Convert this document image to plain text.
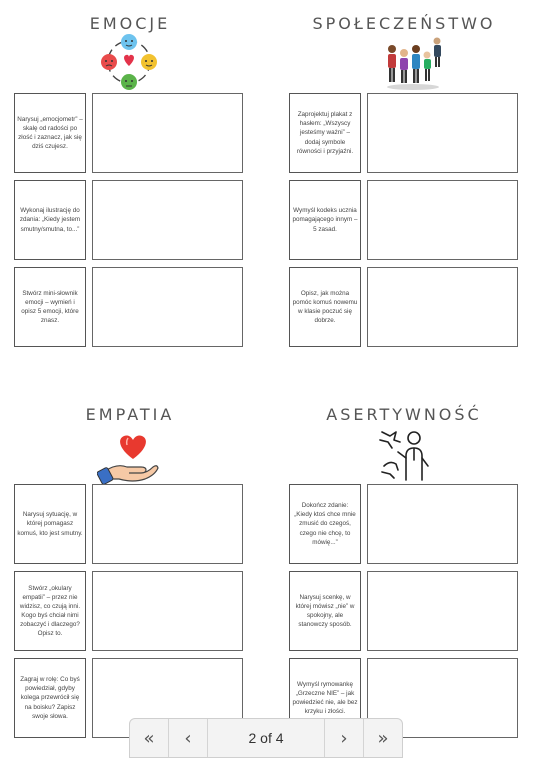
EMOCJE
Narysuj „emocjometr” – skalę od radości po złość i zaznacz, jak się dziś czujesz.
Wykonaj ilustrację do zdania: „Kiedy jestem smutny/smutna, to...”
Stwórz mini-słownik emocji – wymień i opisz 5 emocji, które znasz.
SPOŁECZEŃSTWO
Zaprojektuj plakat z hasłem: „Wszyscy jesteśmy ważni” – dodaj symbole równości i przyjaźni.
Wymyśl kodeks ucznia pomagającego innym – 5 zasad.
Opisz, jak można pomóc komuś nowemu w klasie poczuć się dobrze.
EMPATIA
Narysuj sytuację, w której pomagasz komuś, kto jest smutny.
Stwórz „okulary empatii” – przez nie widzisz, co czują inni. Kogo byś chciał nimi zobaczyć i dlaczego? Opisz to.
Zagraj w rolę: Co byś powiedział, gdyby kolega przewrócił się na boisku? Zapisz swoje słowa.
ASERTYWNOŚĆ
Dokończ zdanie: „Kiedy ktoś chce mnie zmusić do czegoś, czego nie chcę, to mówię...”
Narysuj scenkę, w której mówisz „nie” w spokojny, ale stanowczy sposób.
Wymyśl rymowankę „Grzeczne NIE” – jak powiedzieć nie, ale bez krzyku i złości.
«	‹	2 of 4	›	»
